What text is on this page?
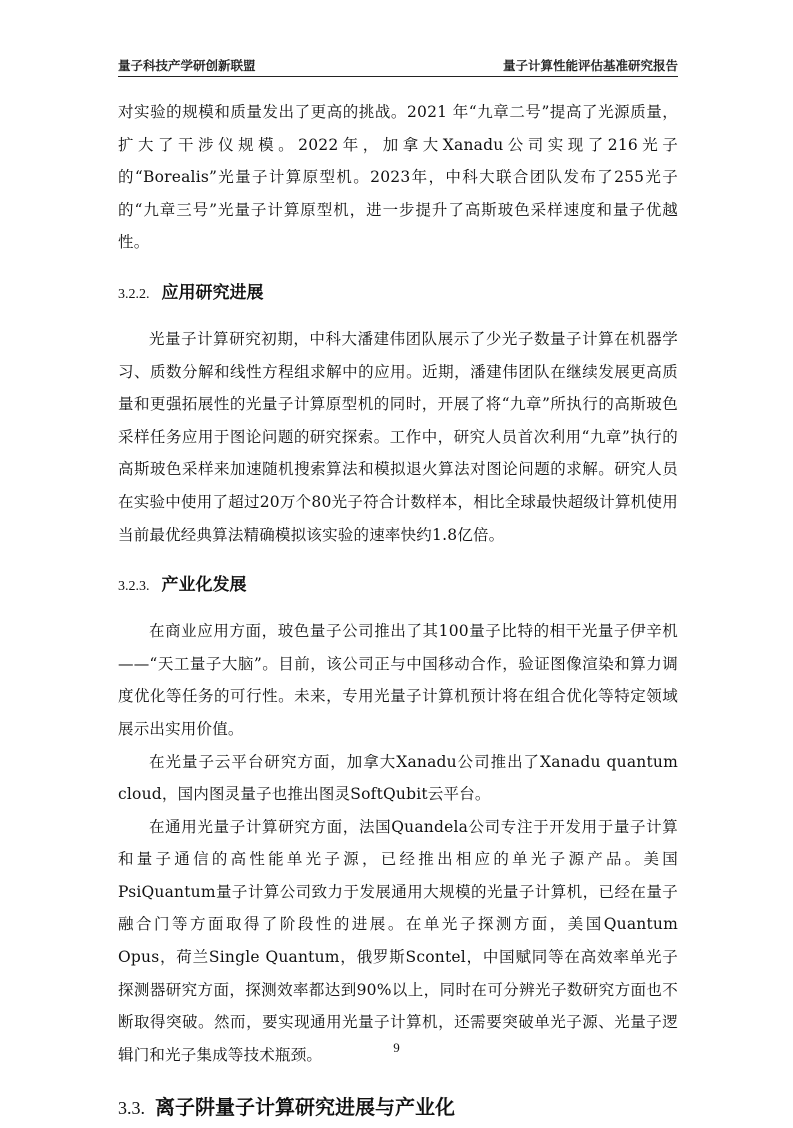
量子科技产学研创新联盟	量子计算性能评估基准研究报告

对实验的规模和质量发出了更高的挑战。2021 年“九章二号”提高了光源质量，扩大了干涉仪规模。2022年，加拿大Xanadu公司实现了216光子的“Borealis”光量子计算原型机。2023年，中科大联合团队发布了255光子的“九章三号”光量子计算原型机，进一步提升了高斯玻色采样速度和量子优越性。

3.2.2. 应用研究进展

光量子计算研究初期，中科大潘建伟团队展示了少光子数量子计算在机器学习、质数分解和线性方程组求解中的应用。近期，潘建伟团队在继续发展更高质量和更强拓展性的光量子计算原型机的同时，开展了将“九章”所执行的高斯玻色采样任务应用于图论问题的研究探索。工作中，研究人员首次利用“九章”执行的高斯玻色采样来加速随机搜索算法和模拟退火算法对图论问题的求解。研究人员在实验中使用了超过20万个80光子符合计数样本，相比全球最快超级计算机使用当前最优经典算法精确模拟该实验的速率快约1.8亿倍。

3.2.3. 产业化发展

在商业应用方面，玻色量子公司推出了其100量子比特的相干光量子伊辛机——“天工量子大脑”。目前，该公司正与中国移动合作，验证图像渲染和算力调度优化等任务的可行性。未来，专用光量子计算机预计将在组合优化等特定领域展示出实用价值。

在光量子云平台研究方面，加拿大Xanadu公司推出了Xanadu quantum cloud，国内图灵量子也推出图灵SoftQubit云平台。

在通用光量子计算研究方面，法国Quandela公司专注于开发用于量子计算和量子通信的高性能单光子源，已经推出相应的单光子源产品。美国PsiQuantum量子计算公司致力于发展通用大规模的光量子计算机，已经在量子融合门等方面取得了阶段性的进展。在单光子探测方面，美国Quantum Opus，荷兰Single Quantum，俄罗斯Scontel，中国赋同等在高效率单光子探测器研究方面，探测效率都达到90%以上，同时在可分辨光子数研究方面也不断取得突破。然而，要实现通用光量子计算机，还需要突破单光子源、光量子逻辑门和光子集成等技术瓶颈。

3.3. 离子阱量子计算研究进展与产业化
9
